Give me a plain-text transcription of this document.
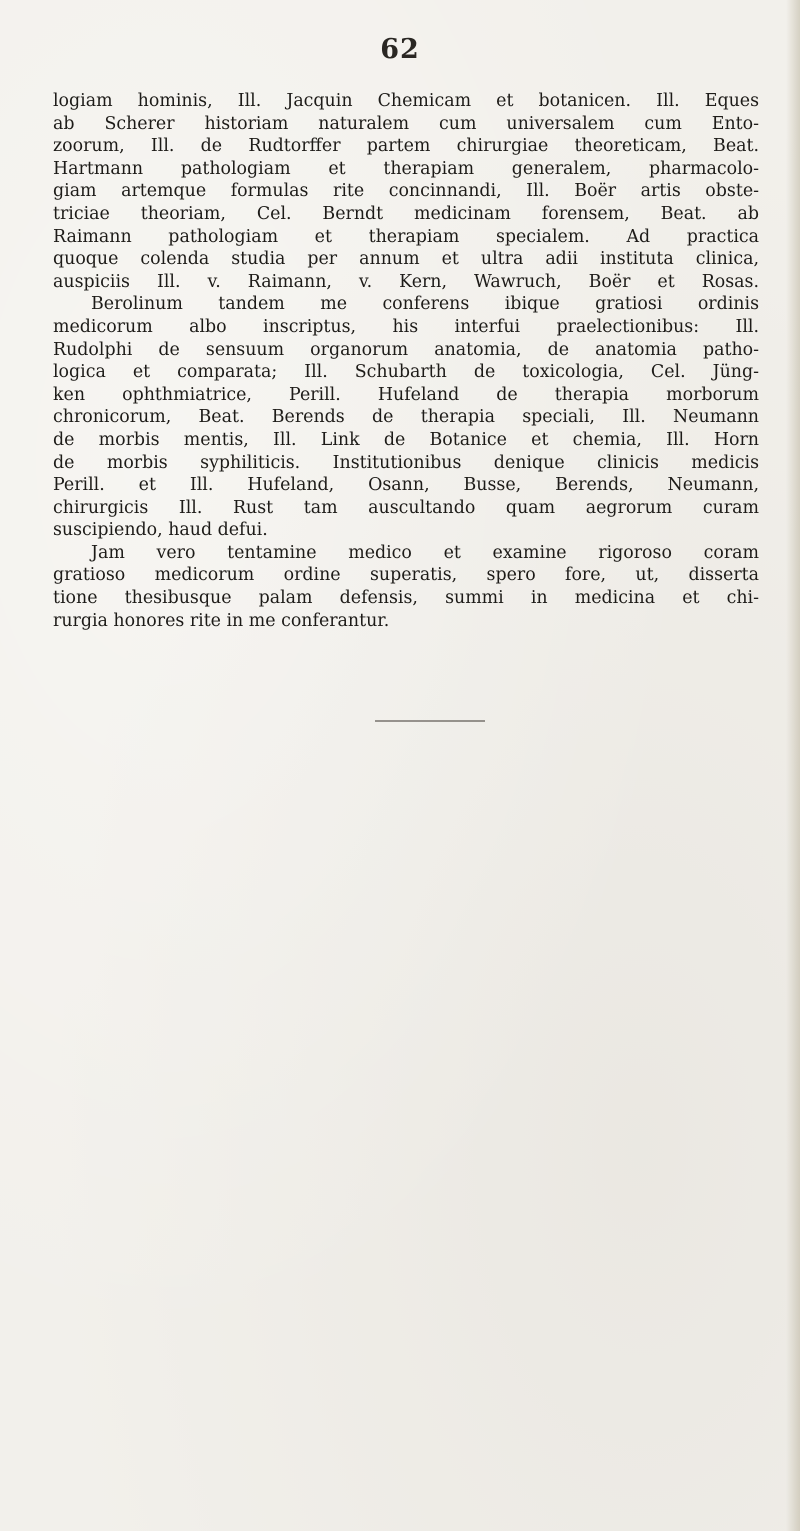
62
logiam hominis, Ill. Jacquin Chemicam et botanicen. Ill. Eques
ab Scherer historiam naturalem cum universalem cum Ento-
zoorum, Ill. de Rudtorffer partem chirurgiae theoreticam, Beat.
Hartmann pathologiam et therapiam generalem, pharmacolo-
giam artemque formulas rite concinnandi, Ill. Boër artis obste-
triciae theoriam, Cel. Berndt medicinam forensem, Beat. ab
Raimann pathologiam et therapiam specialem. Ad practica
quoque colenda studia per annum et ultra adii instituta clinica,
auspiciis Ill. v. Raimann, v. Kern, Wawruch, Boër et Rosas.
Berolinum tandem me conferens ibique gratiosi ordinis
medicorum albo inscriptus, his interfui praelectionibus: Ill.
Rudolphi de sensuum organorum anatomia, de anatomia patho-
logica et comparata; Ill. Schubarth de toxicologia, Cel. Jüng-
ken ophthmiatrice, Perill. Hufeland de therapia morborum
chronicorum, Beat. Berends de therapia speciali, Ill. Neumann
de morbis mentis, Ill. Link de Botanice et chemia, Ill. Horn
de morbis syphiliticis. Institutionibus denique clinicis medicis
Perill. et Ill. Hufeland, Osann, Busse, Berends, Neumann,
chirurgicis Ill. Rust tam auscultando quam aegrorum curam
suscipiendo, haud defui.
Jam vero tentamine medico et examine rigoroso coram
gratioso medicorum ordine superatis, spero fore, ut, disserta
tione thesibusque palam defensis, summi in medicina et chi-
rurgia honores rite in me conferantur.
